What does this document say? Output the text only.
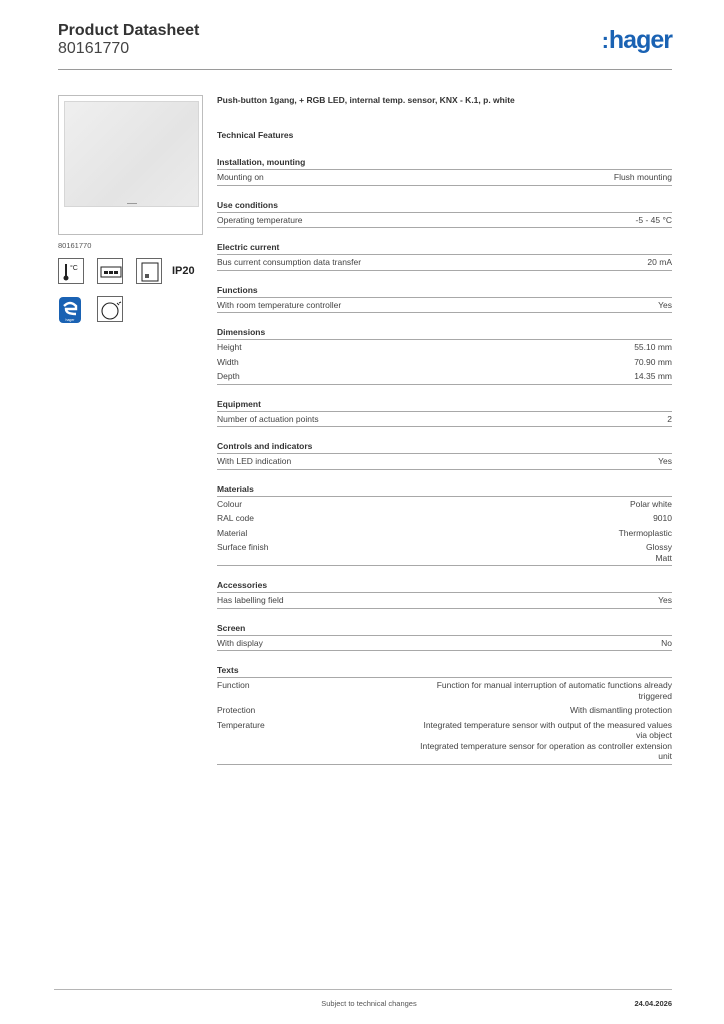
Product Datasheet
80161770	:hager
80161770
°C	IP20
hager
Push-button 1gang, + RGB LED, internal temp. sensor, KNX - K.1, p. white
Technical Features
Installation, mounting
Mounting on	Flush mounting
Use conditions
Operating temperature	-5 - 45 °C
Electric current
Bus current consumption data transfer	20 mA
Functions
With room temperature controller	Yes
Dimensions
Height	55.10 mm
Width	70.90 mm
Depth	14.35 mm
Equipment
Number of actuation points	2
Controls and indicators
With LED indication	Yes
Materials
Colour	Polar white
RAL code	9010
Material	Thermoplastic
Surface finish	Glossy
Matt
Accessories
Has labelling field	Yes
Screen
With display	No
Texts
Function	Function for manual interruption of automatic functions already
triggered
Protection	With dismantling protection
Temperature	Integrated temperature sensor with output of the measured values
via object
Integrated temperature sensor for operation as controller extension
unit
Subject to technical changes	24.04.2026
